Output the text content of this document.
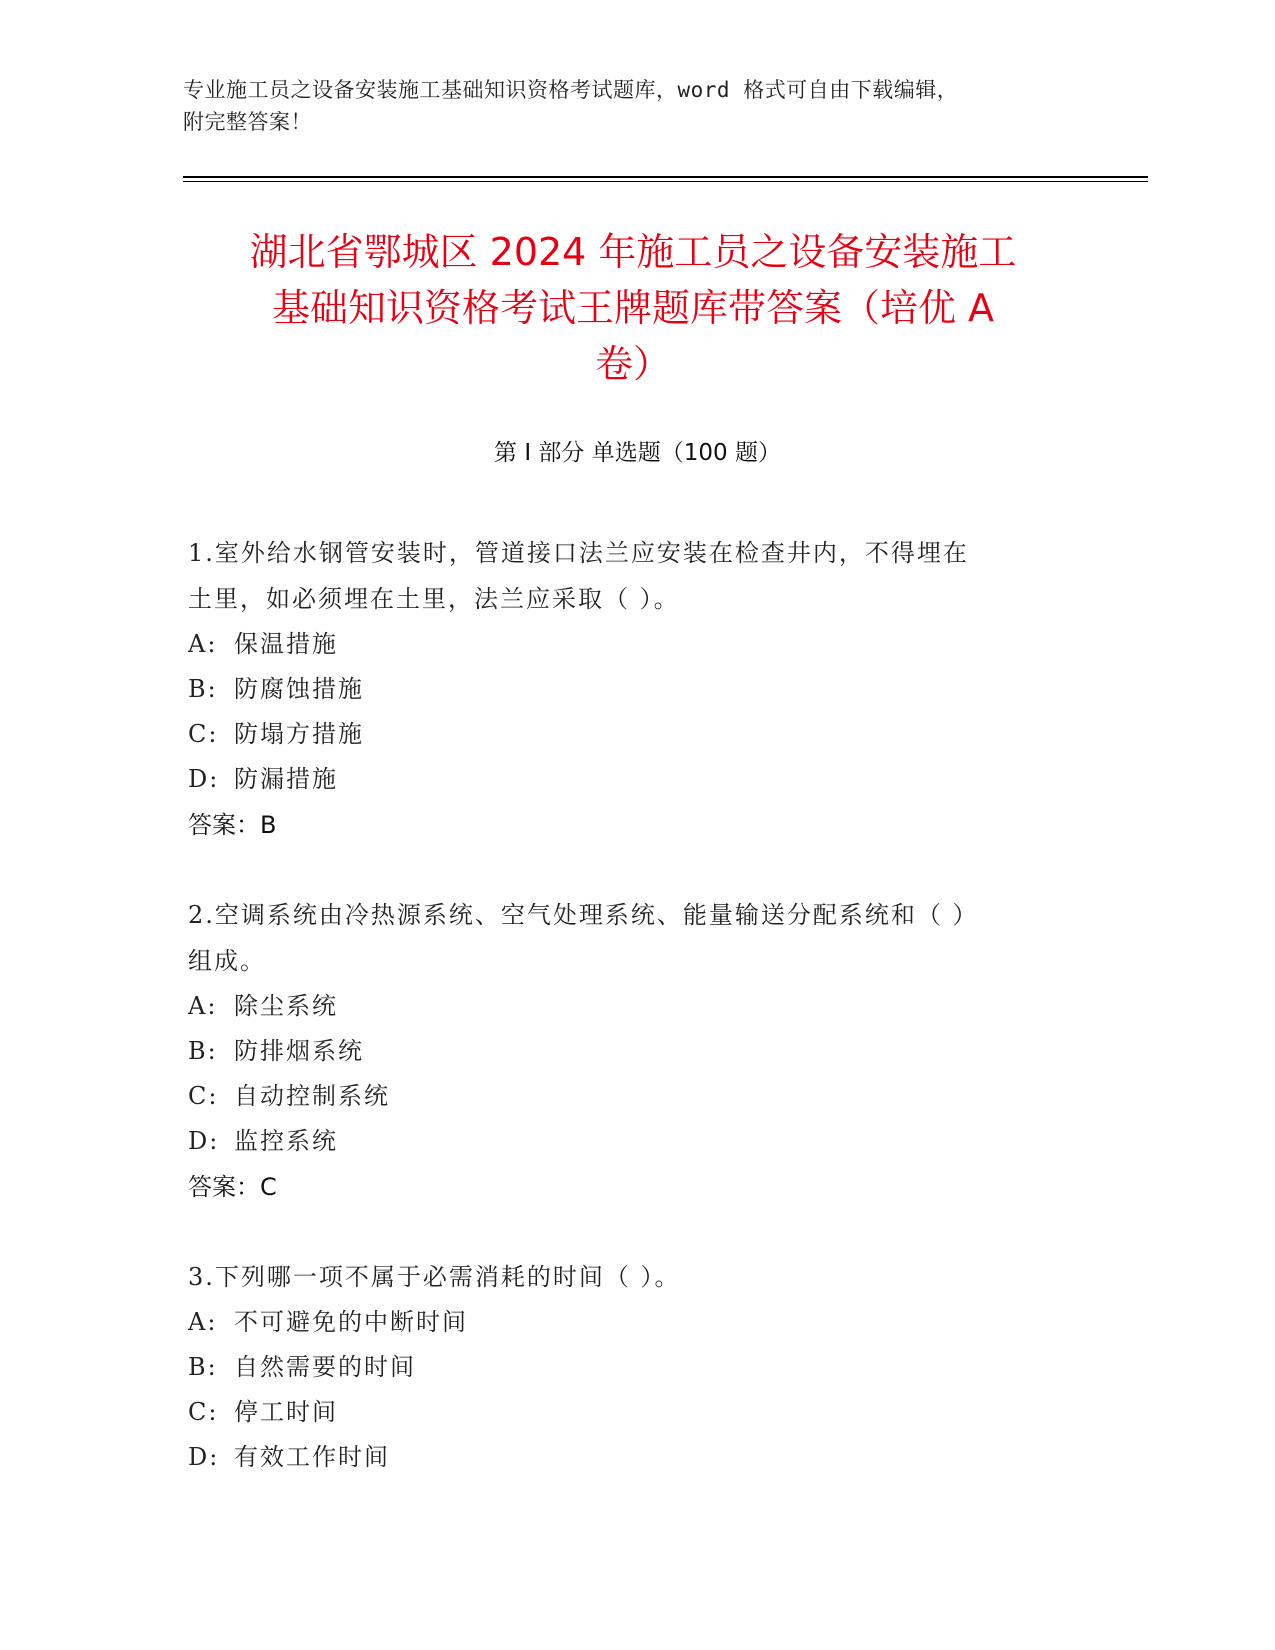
专业施工员之设备安装施工基础知识资格考试题库，word 格式可自由下载编辑，
附完整答案！
湖北省鄂城区 2024 年施工员之设备安装施工
基础知识资格考试王牌题库带答案（培优 A
卷）
第 I 部分 单选题（100 题）

1.室外给水钢管安装时，管道接口法兰应安装在检查井内，不得埋在

土里，如必须埋在土里，法兰应采取（ ）。

A: 保温措施

B: 防腐蚀措施

C: 防塌方措施

D: 防漏措施

答案：B

2.空调系统由冷热源系统、空气处理系统、能量输送分配系统和（ ）

组成。

A: 除尘系统

B: 防排烟系统

C: 自动控制系统

D: 监控系统

答案：C

3.下列哪一项不属于必需消耗的时间（ ）。

A: 不可避免的中断时间

B: 自然需要的时间

C: 停工时间

D: 有效工作时间
